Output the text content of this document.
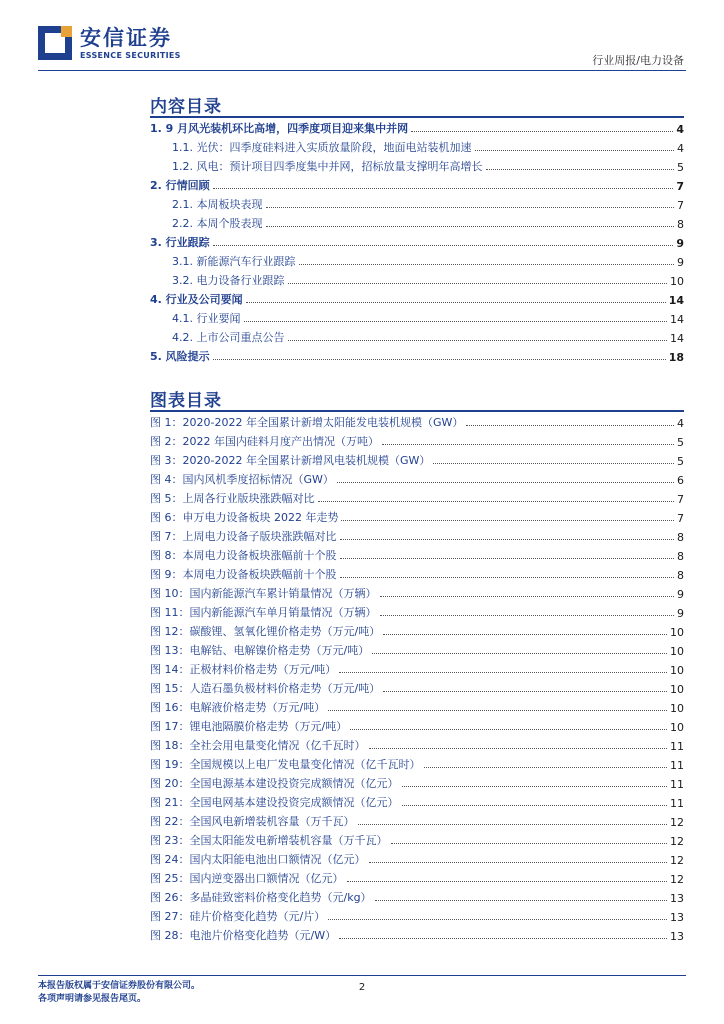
安信证券
ESSENCE SECURITIES	行业周报/电力设备
内容目录
1. 9 月风光装机环比高增，四季度项目迎来集中并网	4
1.1. 光伏：四季度硅料进入实质放量阶段，地面电站装机加速	4
1.2. 风电：预计项目四季度集中并网，招标放量支撑明年高增长	5
2. 行情回顾	7
2.1. 本周板块表现	7
2.2. 本周个股表现	8
3. 行业跟踪	9
3.1. 新能源汽车行业跟踪	9
3.2. 电力设备行业跟踪	10
4. 行业及公司要闻	14
4.1. 行业要闻	14
4.2. 上市公司重点公告	14
5. 风险提示	18
图表目录
图 1：2020-2022 年全国累计新增太阳能发电装机规模（GW）	4
图 2：2022 年国内硅料月度产出情况（万吨）	5
图 3：2020-2022 年全国累计新增风电装机规模（GW）	5
图 4：国内风机季度招标情况（GW）	6
图 5：上周各行业版块涨跌幅对比	7
图 6：申万电力设备板块 2022 年走势	7
图 7：上周电力设备子版块涨跌幅对比	8
图 8：本周电力设备板块涨幅前十个股	8
图 9：本周电力设备板块跌幅前十个股	8
图 10：国内新能源汽车累计销量情况（万辆）	9
图 11：国内新能源汽车单月销量情况（万辆）	9
图 12：碳酸锂、氢氧化锂价格走势（万元/吨）	10
图 13：电解钴、电解镍价格走势（万元/吨）	10
图 14：正极材料价格走势（万元/吨）	10
图 15：人造石墨负极材料价格走势（万元/吨）	10
图 16：电解液价格走势（万元/吨）	10
图 17：锂电池隔膜价格走势（万元/吨）	10
图 18：全社会用电量变化情况（亿千瓦时）	11
图 19：全国规模以上电厂发电量变化情况（亿千瓦时）	11
图 20：全国电源基本建设投资完成额情况（亿元）	11
图 21：全国电网基本建设投资完成额情况（亿元）	11
图 22：全国风电新增装机容量（万千瓦）	12
图 23：全国太阳能发电新增装机容量（万千瓦）	12
图 24：国内太阳能电池出口额情况（亿元）	12
图 25：国内逆变器出口额情况（亿元）	12
图 26：多晶硅致密料价格变化趋势（元/kg）	13
图 27：硅片价格变化趋势（元/片）	13
图 28：电池片价格变化趋势（元/W）	13
本报告版权属于安信证券股份有限公司。
各项声明请参见报告尾页。
2
